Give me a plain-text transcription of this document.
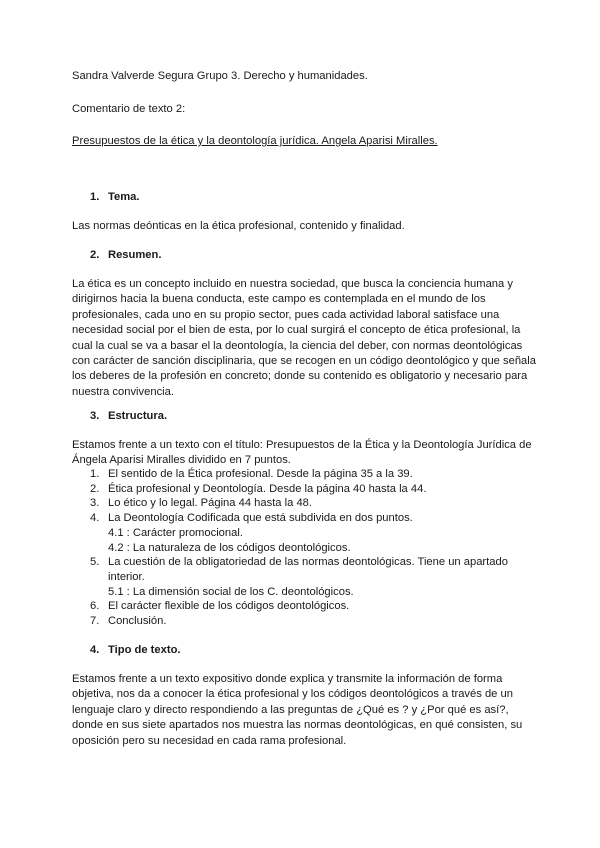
Sandra Valverde Segura Grupo 3. Derecho y humanidades.
Comentario de texto 2:
Presupuestos de la ética y la deontología jurídica. Angela Aparisi Miralles.
1. Tema.
Las normas deónticas en la ética profesional, contenido y finalidad.
2. Resumen.
La ética es un concepto incluido en nuestra sociedad, que busca la conciencia humana y dirigirnos hacia la buena conducta, este campo es contemplada en el mundo de los profesionales, cada uno en su propio sector, pues cada actividad laboral satisface una necesidad social por el bien de esta, por lo cual surgirá el concepto de ética profesional, la cual la cual se va a basar el la deontología, la ciencia del deber, con normas deontológicas con carácter de sanción disciplinaria, que se recogen en un código deontológico y que señala los deberes de la profesión en concreto; donde su contenido es obligatorio y necesario para nuestra convivencia.
3. Estructura.
Estamos frente a un texto con el título: Presupuestos de la Ética y la Deontología Jurídica de Ángela Aparisi Miralles dividido en 7 puntos.
1. El sentido de la Ética profesional. Desde la página 35 a la 39.
2. Ética profesional y Deontología. Desde la página 40 hasta la 44.
3. Lo ético y lo legal. Página 44 hasta la 48.
4. La Deontología Codificada que está subdivida en dos puntos.
4.1 : Carácter promocional.
4.2 : La naturaleza de los códigos deontológicos.
5. La cuestión de la obligatoriedad de las normas deontológicas. Tiene un apartado interior.
5.1 : La dimensión social de los C. deontológicos.
6. El carácter flexible de los códigos deontológicos.
7. Conclusión.
4. Tipo de texto.
Estamos frente a un texto expositivo donde explica y transmite la información de forma objetiva, nos da a conocer la ética profesional y los códigos deontológicos a través de un lenguaje claro y directo respondiendo a las preguntas de ¿Qué es ? y ¿Por qué es así?, donde en sus siete apartados nos muestra las normas deontológicas, en qué consisten, su oposición pero su necesidad en cada rama profesional.
